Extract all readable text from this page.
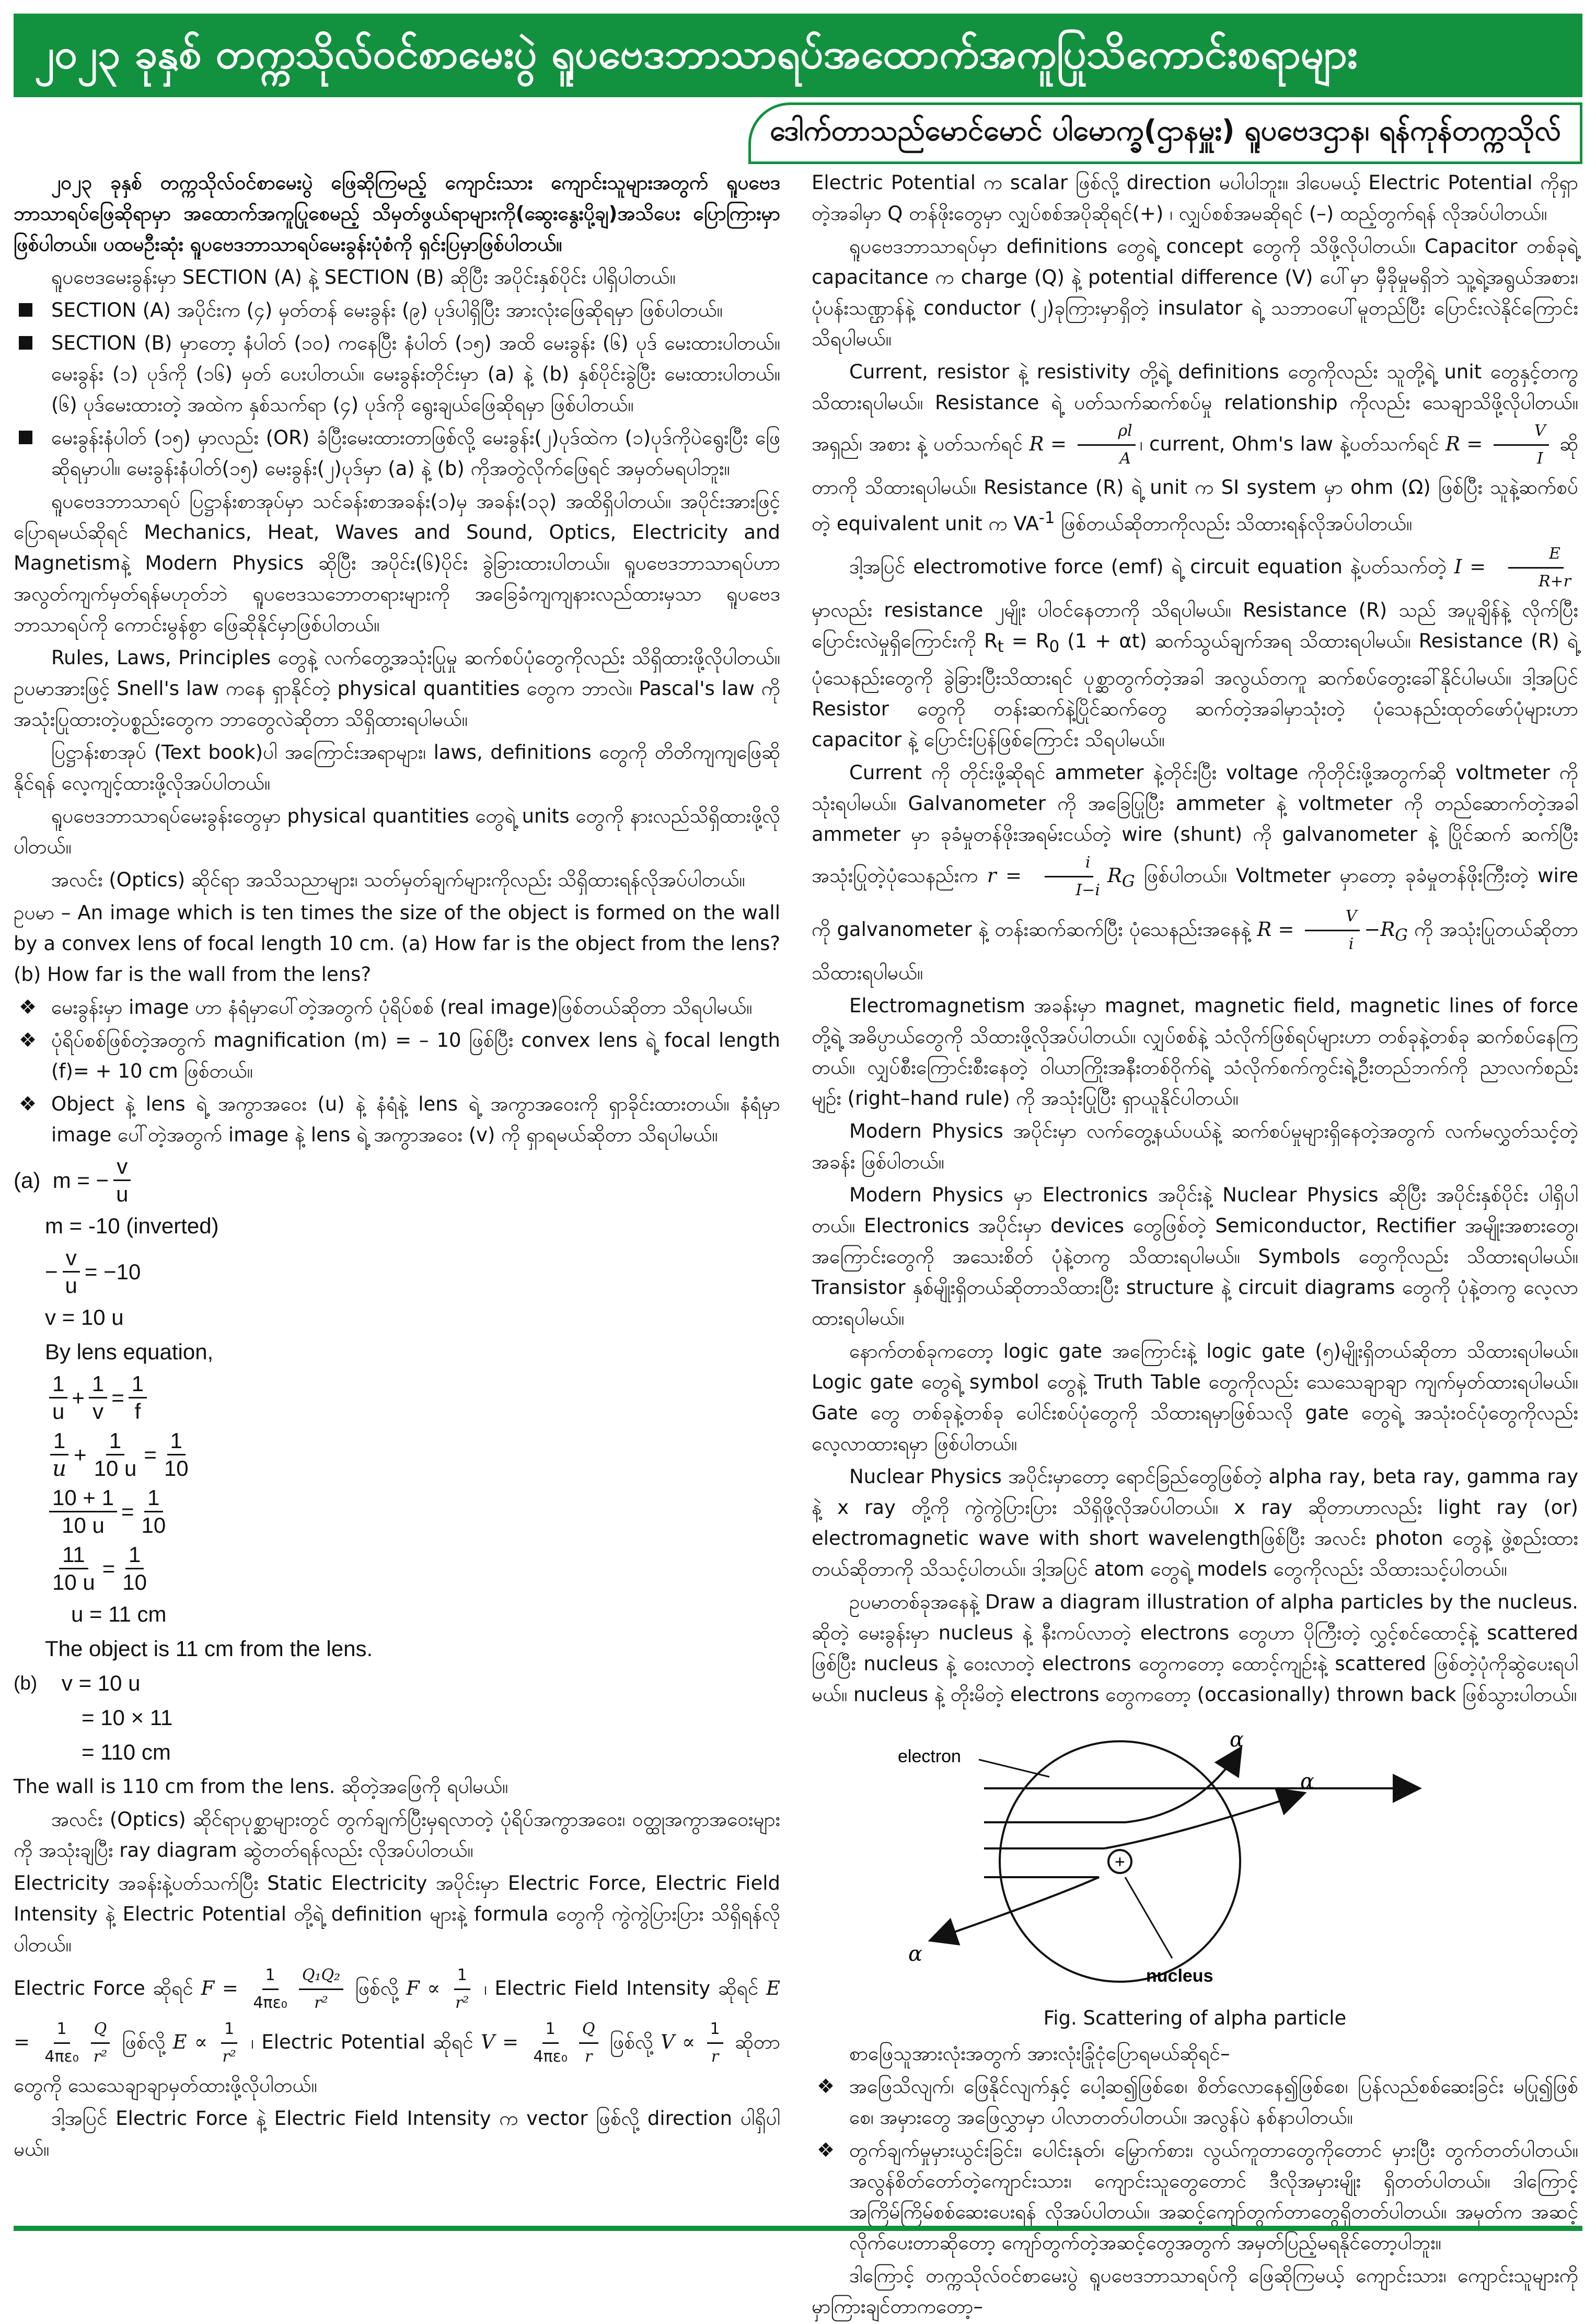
၂၀၂၃ ခုနှစ် တက္ကသိုလ်ဝင်စာမေးပွဲ ရူပဗေဒဘာသာရပ်အထောက်အကူပြုသိကောင်းစရာများ
ဒေါက်တာသည်မောင်မောင် ပါမောက္ခ(ဌာနမှူး) ရူပဗေဒဌာန၊ ရန်ကုန်တက္ကသိုလ်

၂၀၂၃ ခုနှစ် တက္ကသိုလ်ဝင်စာမေးပွဲ ဖြေဆိုကြမည့် ကျောင်းသား ကျောင်းသူများအတွက် ရူပဗေဒဘာသာရပ်ဖြေဆိုရာမှာ အထောက်အကူပြုစေမည့် သိမှတ်ဖွယ်ရာများကို(ဆွေးနွေးပို့ချ)အသိပေး ပြောကြားမှာ ဖြစ်ပါတယ်။ ပထမဦးဆုံး ရူပဗေဒဘာသာရပ်မေးခွန်းပုံစံကို ရှင်းပြမှာဖြစ်ပါတယ်။

ရူပဗေဒမေးခွန်းမှာ SECTION (A) နဲ့ SECTION (B) ဆိုပြီး အပိုင်းနှစ်ပိုင်း ပါရှိပါတယ်။

SECTION (A) အပိုင်းက (၄) မှတ်တန် မေးခွန်း (၉) ပုဒ်ပါရှိပြီး အားလုံးဖြေဆိုရမှာ ဖြစ်ပါတယ်။

SECTION (B) မှာတော့ နံပါတ် (၁၀) ကနေပြီး နံပါတ် (၁၅) အထိ မေးခွန်း (၆) ပုဒ် မေးထားပါတယ်။ မေးခွန်း (၁) ပုဒ်ကို (၁၆) မှတ် ပေးပါတယ်။ မေးခွန်းတိုင်းမှာ (a) နဲ့ (b) နှစ်ပိုင်းခွဲပြီး မေးထားပါတယ်။ (၆) ပုဒ်မေးထားတဲ့ အထဲက နှစ်သက်ရာ (၄) ပုဒ်ကို ရွေးချယ်ဖြေဆိုရမှာ ဖြစ်ပါတယ်။

မေးခွန်းနံပါတ် (၁၅) မှာလည်း (OR) ခံပြီးမေးထားတာဖြစ်လို့ မေးခွန်း(၂)ပုဒ်ထဲက (၁)ပုဒ်ကိုပဲရွေးပြီး ဖြေဆိုရမှာပါ။ မေးခွန်းနံပါတ်(၁၅) မေးခွန်း(၂)ပုဒ်မှာ (a) နဲ့ (b) ကိုအတွဲလိုက်ဖြေရင် အမှတ်မရပါဘူး။

ရူပဗေဒဘာသာရပ် ပြဋ္ဌာန်းစာအုပ်မှာ သင်ခန်းစာအခန်း(၁)မှ အခန်း(၁၃) အထိရှိပါတယ်။ အပိုင်းအားဖြင့် ပြောရမယ်ဆိုရင် Mechanics, Heat, Waves and Sound, Optics, Electricity and Magnetismနဲ့ Modern Physics ဆိုပြီး အပိုင်း(၆)ပိုင်း ခွဲခြားထားပါတယ်။ ရူပဗေဒဘာသာရပ်ဟာ အလွတ်ကျက်မှတ်ရန်မဟုတ်ဘဲ ရူပဗေဒသဘောတရားများကို အခြေခံကျကျနားလည်ထားမှသာ ရူပဗေဒဘာသာရပ်ကို ကောင်းမွန်စွာ ဖြေဆိုနိုင်မှာဖြစ်ပါတယ်။

Rules, Laws, Principles တွေနဲ့ လက်တွေ့အသုံးပြုမှု ဆက်စပ်ပုံတွေကိုလည်း သိရှိထားဖို့လိုပါတယ်။ ဥပမာအားဖြင့် Snell's law ကနေ ရှာနိုင်တဲ့ physical quantities တွေက ဘာလဲ။ Pascal's law ကို အသုံးပြုထားတဲ့ပစ္စည်းတွေက ဘာတွေလဲဆိုတာ သိရှိထားရပါမယ်။

ပြဋ္ဌာန်းစာအုပ် (Text book)ပါ အကြောင်းအရာများ၊ laws, definitions တွေကို တိတိကျကျဖြေဆိုနိုင်ရန် လေ့ကျင့်ထားဖို့လိုအပ်ပါတယ်။

ရူပဗေဒဘာသာရပ်မေးခွန်းတွေမှာ physical quantities တွေရဲ့ units တွေကို နားလည်သိရှိထားဖို့လိုပါတယ်။

အလင်း (Optics) ဆိုင်ရာ အသိသညာများ၊ သတ်မှတ်ချက်များကိုလည်း သိရှိထားရန်လိုအပ်ပါတယ်။

ဥပမာ – An image which is ten times the size of the object is formed on the wall by a convex lens of focal length 10 cm. (a) How far is the object from the lens? (b) How far is the wall from the lens?

❖ မေးခွန်းမှာ image ဟာ နံရံမှာပေါ်တဲ့အတွက် ပုံရိပ်စစ် (real image)ဖြစ်တယ်ဆိုတာ သိရပါမယ်။

❖ ပုံရိပ်စစ်ဖြစ်တဲ့အတွက် magnification (m) = – 10 ဖြစ်ပြီး convex lens ရဲ့ focal length (f)= + 10 cm ဖြစ်တယ်။

❖ Object နဲ့ lens ရဲ့ အကွာအဝေး (u) နဲ့ နံရံနဲ့ lens ရဲ့ အကွာအဝေးကို ရှာခိုင်းထားတယ်။ နံရံမှာ image ပေါ်တဲ့အတွက် image နဲ့ lens ရဲ့ အကွာအဝေး (v) ကို ရှာရမယ်ဆိုတာ သိရပါမယ်။

(a)
m = − $\frac{v}{u}$
m = -10 (inverted)
− $\frac{v}{u} = -10$
v = 10 u
By lens equation,
$\frac{1}{u} + \frac{1}{v} = \frac{1}{f}$
$\frac{1}{u} + \frac{1}{10 u} = \frac{1}{10}$
$\frac{10 + 1}{10 u} = \frac{1}{10}$
$\frac{11}{10 u} = \frac{1}{10}$
u = 11 cm
The object is 11 cm from the lens.
(b)
v = 10 u
= 10 × 11
= 110 cm

The wall is 110 cm from the lens. ဆိုတဲ့အဖြေကို ရပါမယ်။

အလင်း (Optics) ဆိုင်ရာပုစ္ဆာများတွင် တွက်ချက်ပြီးမှရလာတဲ့ ပုံရိပ်အကွာအဝေး၊ ဝတ္ထုအကွာအဝေးများကို အသုံးချပြီး ray diagram ဆွဲတတ်ရန်လည်း လိုအပ်ပါတယ်။

Electricity အခန်းနဲ့ပတ်သက်ပြီး Static Electricity အပိုင်းမှာ Electric Force, Electric Field Intensity နဲ့ Electric Potential တို့ရဲ့ definition များနဲ့ formula တွေကို ကွဲကွဲပြားပြား သိရှိရန်လိုပါတယ်။

Electric Force ဆိုရင် $F = \frac{1}{\text{4πε₀}} \frac{\text{Q₁Q₂}}{\text{r²}}$ ဖြစ်လို့ $F \propto \frac{1}{\text{r²}}$ ၊ Electric Field Intensity ဆိုရင် $E = \frac{1}{\text{4πε₀}} \frac{Q}{\text{r²}}$ ဖြစ်လို့ $E \propto \frac{1}{\text{r²}}$ ၊ Electric Potential ဆိုရင် $V = \frac{1}{\text{4πε₀}} \frac{Q}{r}$ ဖြစ်လို့ $V \propto \frac{1}{r}$ ဆိုတာတွေကို သေသေချာချာမှတ်ထားဖို့လိုပါတယ်။

ဒါ့အပြင် Electric Force နဲ့ Electric Field Intensity က vector ဖြစ်လို့ direction ပါရှိပါမယ်။

Electric Potential က scalar ဖြစ်လို့ direction မပါပါဘူး။ ဒါပေမယ့် Electric Potential ကိုရှာတဲ့အခါမှာ Q တန်ဖိုးတွေမှာ လျှပ်စစ်အပိုဆိုရင်(+) ၊ လျှပ်စစ်အမဆိုရင် (–) ထည့်တွက်ရန် လိုအပ်ပါတယ်။

ရူပဗေဒဘာသာရပ်မှာ definitions တွေရဲ့ concept တွေကို သိဖို့လိုပါတယ်။ Capacitor တစ်ခုရဲ့ capacitance က charge (Q) နဲ့ potential difference (V) ပေါ်မှာ မှီခိုမှုမရှိဘဲ သူ့ရဲ့အရွယ်အစား၊ ပုံပန်းသဏ္ဌာန်နဲ့ conductor (၂)ခုကြားမှာရှိတဲ့ insulator ရဲ့ သဘာဝပေါ်မူတည်ပြီး ပြောင်းလဲနိုင်ကြောင်း သိရပါမယ်။

Current, resistor နဲ့ resistivity တို့ရဲ့ definitions တွေကိုလည်း သူတို့ရဲ့ unit တွေနှင့်တကွ သိထားရပါမယ်။ Resistance ရဲ့ ပတ်သက်ဆက်စပ်မှု relationship ကိုလည်း သေချာသိဖို့လိုပါတယ်။ အရှည်၊ အစား နဲ့ ပတ်သက်ရင် $R = \frac{\rho l}{A}$ ၊ current, Ohm's law နဲ့ပတ်သက်ရင် $R = \frac{V}{I}$ ဆိုတာကို သိထားရပါမယ်။ Resistance (R) ရဲ့ unit က SI system မှာ ohm (Ω) ဖြစ်ပြီး သူနဲ့ဆက်စပ်တဲ့ equivalent unit က $VA^{-1}$ ဖြစ်တယ်ဆိုတာကိုလည်း သိထားရန်လိုအပ်ပါတယ်။

ဒါ့အပြင် electromotive force (emf) ရဲ့ circuit equation နဲ့ပတ်သက်တဲ့ $I = \frac{E}{R+r}$
မှာလည်း resistance ၂မျိုး ပါဝင်နေတာကို သိရပါမယ်။ Resistance (R) သည် အပူချိန်နဲ့ လိုက်ပြီး ပြောင်းလဲမှုရှိကြောင်းကို $R_t = R_0$ (1 + αt) ဆက်သွယ်ချက်အရ သိထားရပါမယ်။ Resistance (R) ရဲ့ ပုံသေနည်းတွေကို ခွဲခြားပြီးသိထားရင် ပုစ္ဆာတွက်တဲ့အခါ အလွယ်တကူ ဆက်စပ်တွေးခေါ်နိုင်ပါမယ်။ ဒါ့အပြင် Resistor တွေကို တန်းဆက်နဲ့ပြိုင်ဆက်တွေ ဆက်တဲ့အခါမှာသုံးတဲ့ ပုံသေနည်းထုတ်ဖော်ပုံများဟာ capacitor နဲ့ ပြောင်းပြန်ဖြစ်ကြောင်း သိရပါမယ်။

Current ကို တိုင်းဖို့ဆိုရင် ammeter နဲ့တိုင်းပြီး voltage ကိုတိုင်းဖို့အတွက်ဆို voltmeter ကို သုံးရပါမယ်။ Galvanometer ကို အခြေပြုပြီး ammeter နဲ့ voltmeter ကို တည်ဆောက်တဲ့အခါ ammeter မှာ ခုခံမှုတန်ဖိုးအရမ်းငယ်တဲ့ wire (shunt) ကို galvanometer နဲ့ ပြိုင်ဆက် ဆက်ပြီး အသုံးပြုတဲ့ပုံသေနည်းက $r = \frac{i}{I-i} R_G$ ဖြစ်ပါတယ်။ Voltmeter မှာတော့ ခုခံမှုတန်ဖိုးကြီးတဲ့ wire ကို galvanometer နဲ့ တန်းဆက်ဆက်ပြီး ပုံသေနည်းအနေနဲ့ $R = \frac{V}{i} -R_G$ ကို အသုံးပြုတယ်ဆိုတာ သိထားရပါမယ်။

Electromagnetism အခန်းမှာ magnet, magnetic field, magnetic lines of force တို့ရဲ့ အဓိပ္ပာယ်တွေကို သိထားဖို့လိုအပ်ပါတယ်။ လျှပ်စစ်နဲ့ သံလိုက်ဖြစ်ရပ်များဟာ တစ်ခုနဲ့တစ်ခု ဆက်စပ်နေကြတယ်။ လျှပ်စီးကြောင်းစီးနေတဲ့ ဝါယာကြိုးအနီးတစ်ဝိုက်ရဲ့ သံလိုက်စက်ကွင်းရဲ့ဦးတည်ဘက်ကို ညာလက်စည်းမျဉ်း (right–hand rule) ကို အသုံးပြုပြီး ရှာယူနိုင်ပါတယ်။

Modern Physics အပိုင်းမှာ လက်တွေ့နယ်ပယ်နဲ့ ဆက်စပ်မှုများရှိနေတဲ့အတွက် လက်မလွှတ်သင့်တဲ့အခန်း ဖြစ်ပါတယ်။

Modern Physics မှာ Electronics အပိုင်းနဲ့ Nuclear Physics ဆိုပြီး အပိုင်းနှစ်ပိုင်း ပါရှိပါတယ်။ Electronics အပိုင်းမှာ devices တွေဖြစ်တဲ့ Semiconductor, Rectifier အမျိုးအစားတွေ၊ အကြောင်းတွေကို အသေးစိတ် ပုံနဲ့တကွ သိထားရပါမယ်။ Symbols တွေကိုလည်း သိထားရပါမယ်။ Transistor နှစ်မျိုးရှိတယ်ဆိုတာသိထားပြီး structure နဲ့ circuit diagrams တွေကို ပုံနဲ့တကွ လေ့လာထားရပါမယ်။

နောက်တစ်ခုကတော့ logic gate အကြောင်းနဲ့ logic gate (၅)မျိုးရှိတယ်ဆိုတာ သိထားရပါမယ်။ Logic gate တွေရဲ့ symbol တွေနဲ့ Truth Table တွေကိုလည်း သေသေချာချာ ကျက်မှတ်ထားရပါမယ်။ Gate တွေ တစ်ခုနဲ့တစ်ခု ပေါင်းစပ်ပုံတွေကို သိထားရမှာဖြစ်သလို gate တွေရဲ့ အသုံးဝင်ပုံတွေကိုလည်း လေ့လာထားရမှာ ဖြစ်ပါတယ်။

Nuclear Physics အပိုင်းမှာတော့ ရောင်ခြည်တွေဖြစ်တဲ့ alpha ray, beta ray, gamma ray နဲ့ x ray တို့ကို ကွဲကွဲပြားပြား သိရှိဖို့လိုအပ်ပါတယ်။ x ray ဆိုတာဟာလည်း light ray (or) electromagnetic wave with short wavelengthဖြစ်ပြီး အလင်း photon တွေနဲ့ ဖွဲ့စည်းထားတယ်ဆိုတာကို သိသင့်ပါတယ်။ ဒါ့အပြင် atom တွေရဲ့ models တွေကိုလည်း သိထားသင့်ပါတယ်။

ဥပမာတစ်ခုအနေနဲ့ Draw a diagram illustration of alpha particles by the nucleus. ဆိုတဲ့ မေးခွန်းမှာ nucleus နဲ့ နီးကပ်လာတဲ့ electrons တွေဟာ ပိုကြီးတဲ့ လွှင့်စင်ထောင့်နဲ့ scattered ဖြစ်ပြီး nucleus နဲ့ ဝေးလာတဲ့ electrons တွေကတော့ ထောင့်ကျဉ်းနဲ့ scattered ဖြစ်တဲ့ပုံကိုဆွဲပေးရပါမယ်။ nucleus နဲ့ တိုးမိတဲ့ electrons တွေကတော့ (occasionally) thrown back ဖြစ်သွားပါတယ်။

electron
α
α
α
+
nucleus
Fig. Scattering of alpha particle

စာဖြေသူအားလုံးအတွက် အားလုံးခြုံငုံပြောရမယ်ဆိုရင်–

❖ အဖြေသိလျက်၊ ဖြေနိုင်လျက်နှင့် ပေါ့ဆ၍ဖြစ်စေ၊ စိတ်လောနေ၍ဖြစ်စေ၊ ပြန်လည်စစ်ဆေးခြင်း မပြု၍ဖြစ်စေ၊ အမှားတွေ အဖြေလွှာမှာ ပါလာတတ်ပါတယ်။ အလွန်ပဲ နစ်နာပါတယ်။

❖ တွက်ချက်မှုမှားယွင်းခြင်း၊ ပေါင်းနုတ်၊ မြှောက်စား၊ လွယ်ကူတာတွေကိုတောင် မှားပြီး တွက်တတ်ပါတယ်။ အလွန်စိတ်တော်တဲ့ကျောင်းသား၊ ကျောင်းသူတွေတောင် ဒီလိုအမှားမျိုး ရှိတတ်ပါတယ်။ ဒါကြောင့် အကြိမ်ကြိမ်စစ်ဆေးပေးရန် လိုအပ်ပါတယ်။ အဆင့်ကျော်တွက်တာတွေရှိတတ်ပါတယ်။ အမှတ်က အဆင့်လိုက်ပေးတာဆိုတော့ ကျော်တွက်တဲ့အဆင့်တွေအတွက် အမှတ်ပြည့်မရနိုင်တော့ပါဘူး။

ဒါကြောင့် တက္ကသိုလ်ဝင်စာမေးပွဲ ရူပဗေဒဘာသာရပ်ကို ဖြေဆိုကြမယ့် ကျောင်းသား၊ ကျောင်းသူများကို မှာကြားချင်တာကတော့–
